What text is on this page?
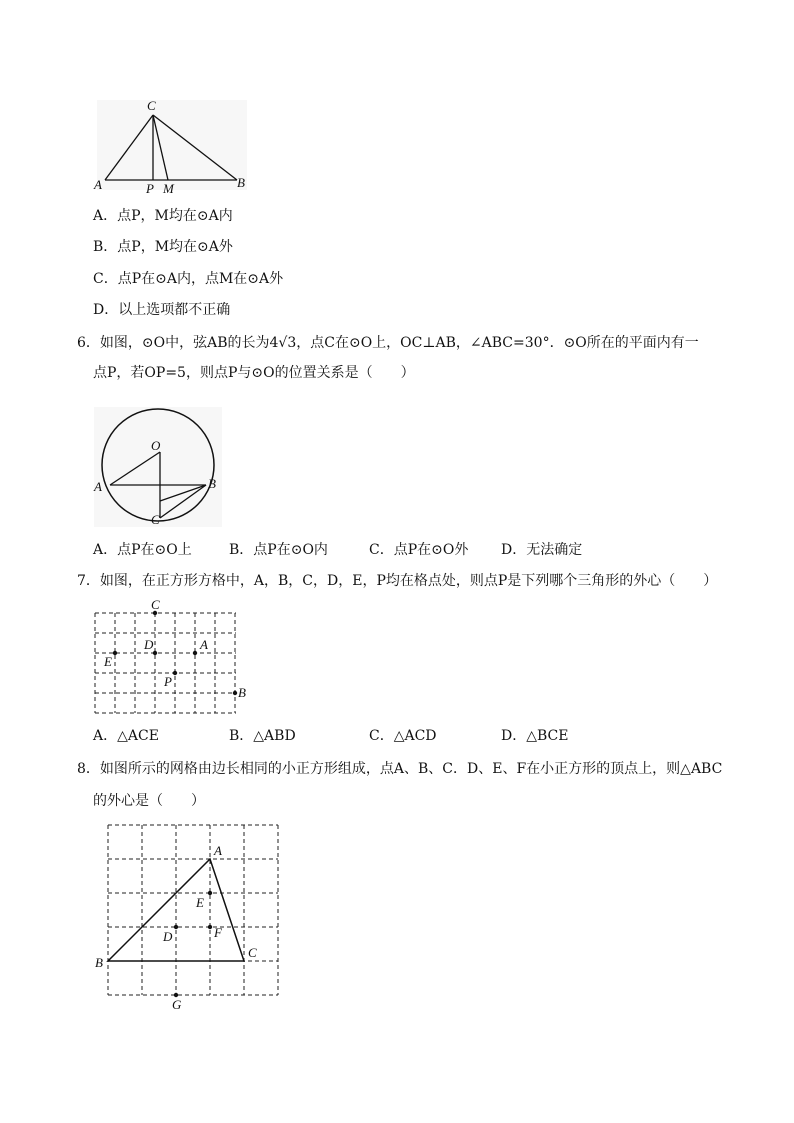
C
A	P M	B
A．点P，M均在⊙A内
B．点P，M均在⊙A外
C．点P在⊙A内，点M在⊙A外
D．以上选项都不正确
6．如图，⊙O中，弦AB的长为4√3，点C在⊙O上，OC⊥AB，∠ABC=30°．⊙O所在的平面内有一
点P，若OP=5，则点P与⊙O的位置关系是（　　）
O
A	B
C
A．点P在⊙O上	B．点P在⊙O内	C．点P在⊙O外 D．无法确定
7．如图，在正方形方格中，A，B，C，D，E，P均在格点处，则点P是下列哪个三角形的外心（　　）
C
D	A
E
P
B
A．△ACE	B．△ABD	C．△ACD	D．△BCE
8．如图所示的网格由边长相同的小正方形组成，点A、B、C．D、E、F在小正方形的顶点上，则△ABC
的外心是（　　）
A
B
C
E
F
D
G
